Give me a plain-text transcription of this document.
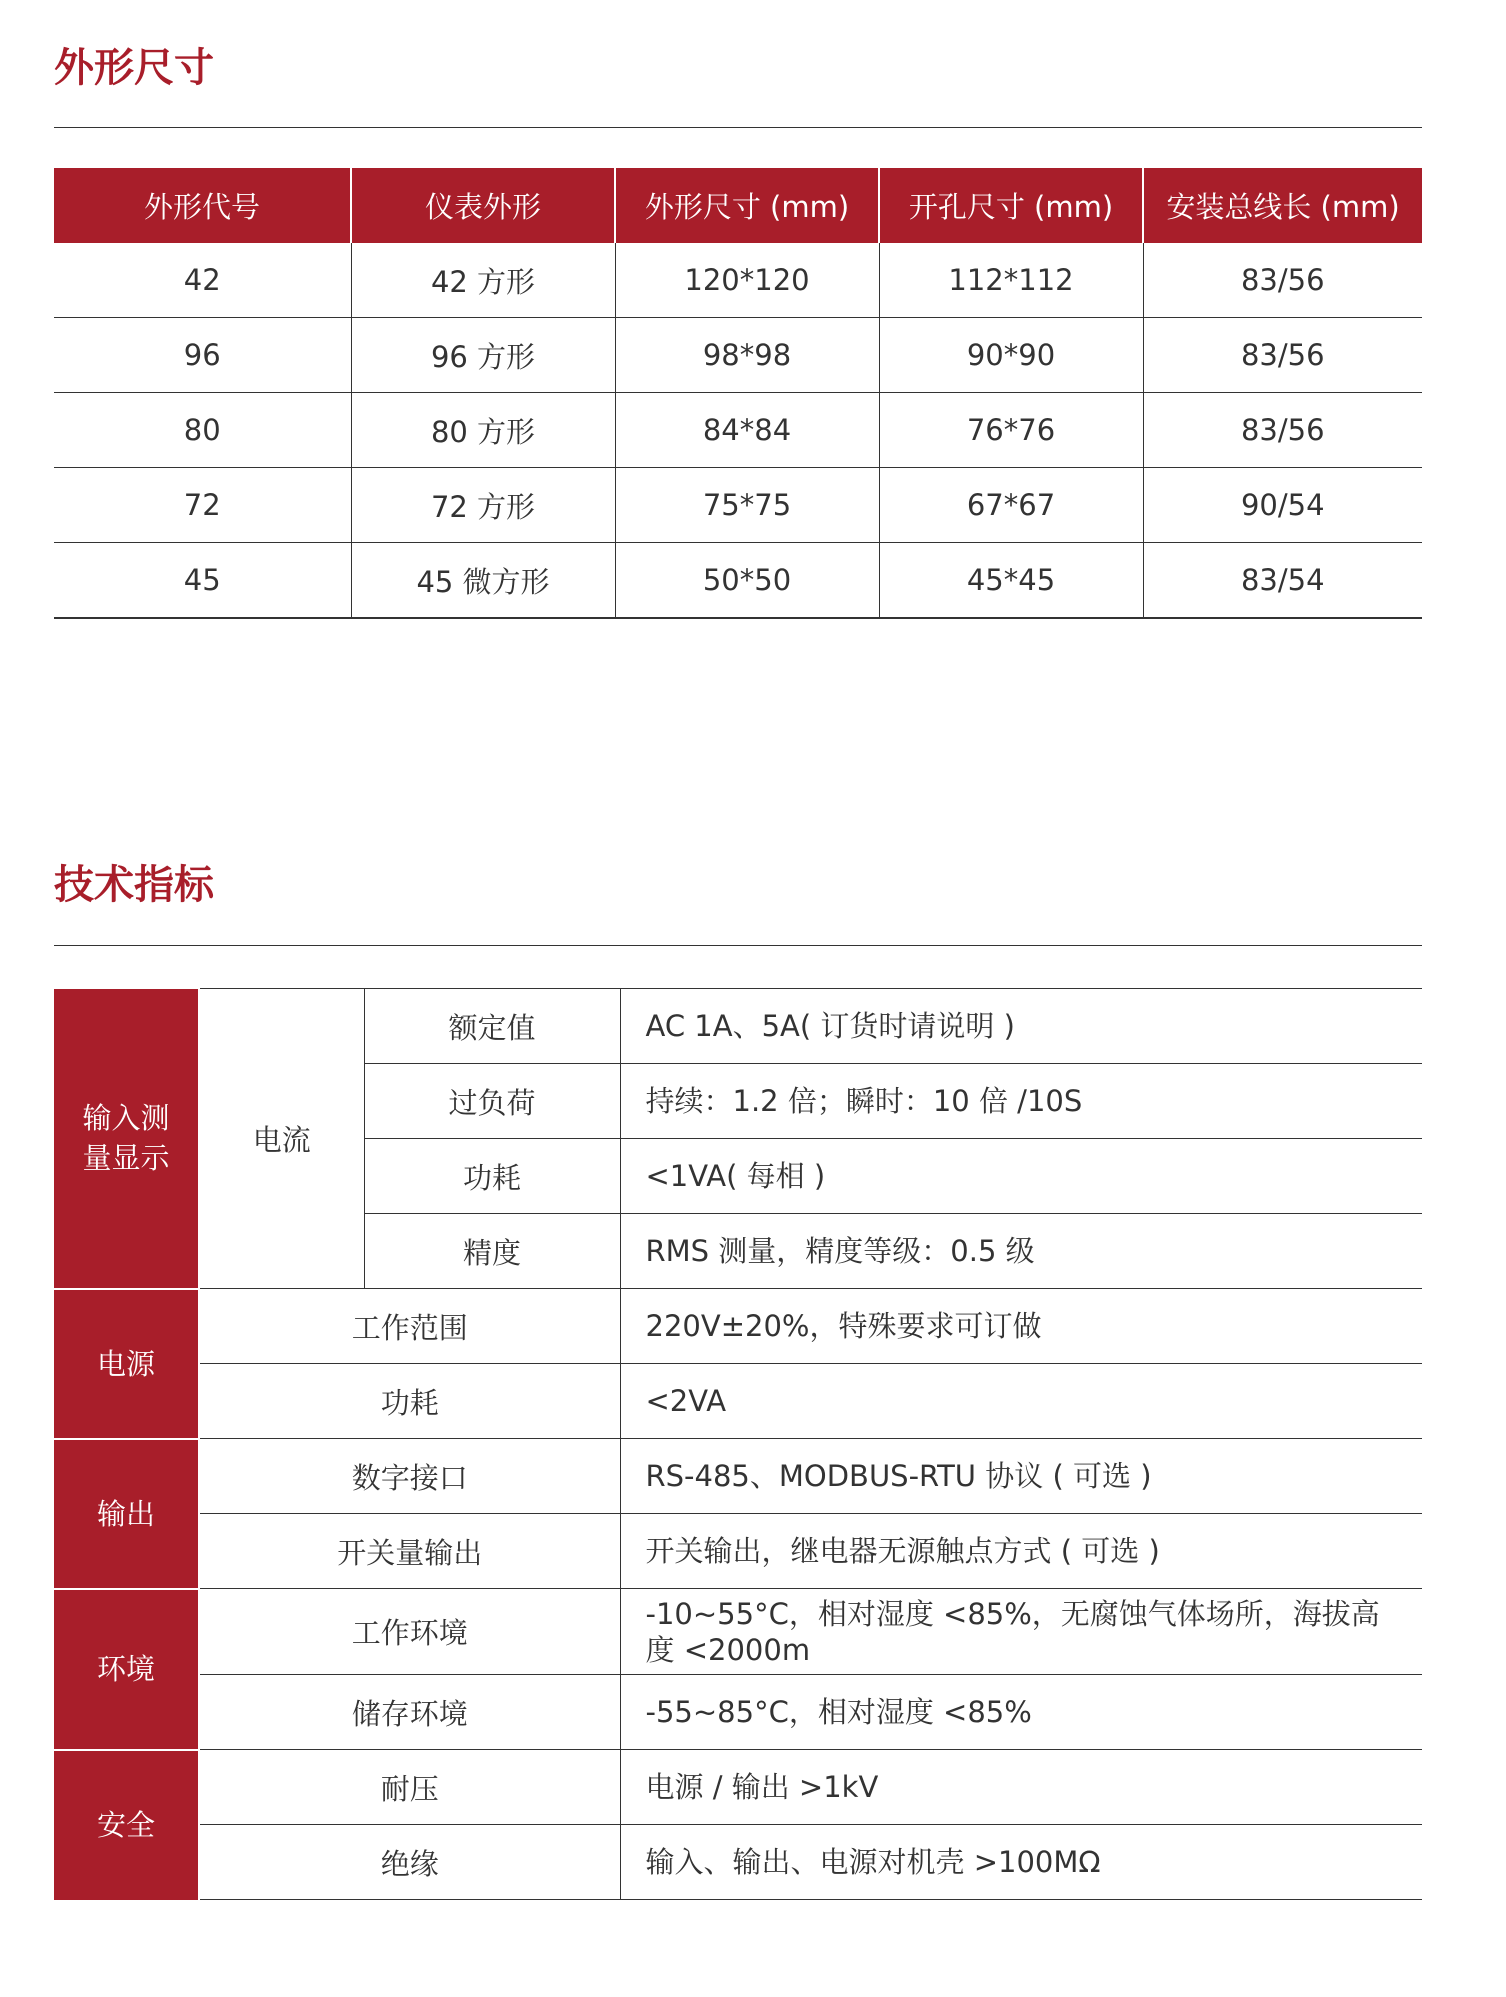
外形尺寸
外形代号	仪表外形	外形尺寸 (mm)	开孔尺寸 (mm)	安装总线长 (mm)
42	42 方形	120*120	112*112	83/56
96	96 方形	98*98	90*90	83/56
80	80 方形	84*84	76*76	83/56
72	72 方形	75*75	67*67	90/54
45	45 微方形	50*50	45*45	83/54
技术指标
输入测量显示	电流	额定值	AC 1A、5A( 订货时请说明 )
		过负荷	持续：1.2 倍；瞬时：10 倍 /10S
		功耗	<1VA( 每相 )
		精度	RMS 测量，精度等级：0.5 级
电源	工作范围		220V±20%，特殊要求可订做
	功耗		<2VA
输出	数字接口		RS-485、MODBUS-RTU 协议 ( 可选 )
	开关量输出		开关输出，继电器无源触点方式 ( 可选 )
环境	工作环境		-10~55°C，相对湿度 <85%，无腐蚀气体场所，海拔高度 <2000m
	储存环境		-55~85°C，相对湿度 <85%
安全	耐压		电源 / 输出 >1kV
	绝缘		输入、输出、电源对机壳 >100MΩ
